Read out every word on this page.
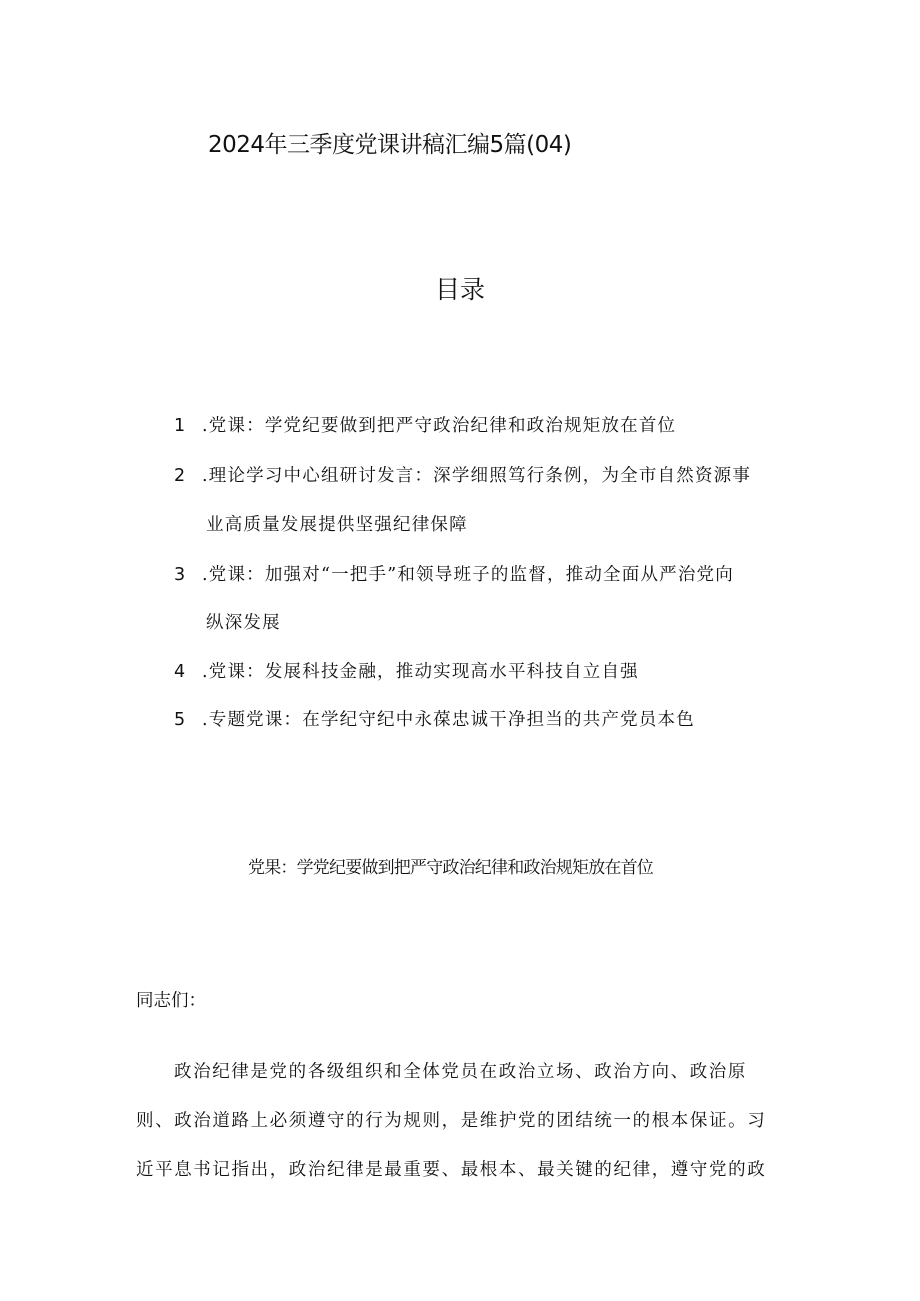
2024年三季度党课讲稿汇编5篇(04)
目录
1 .党课：学党纪要做到把严守政治纪律和政治规矩放在首位
2 .理论学习中心组研讨发言：深学细照笃行条例，为全市自然资源事
业高质量发展提供坚强纪律保障
3 .党课：加强对“一把手”和领导班子的监督，推动全面从严治党向
纵深发展
4 .党课：发展科技金融，推动实现高水平科技自立自强
5 .专题党课：在学纪守纪中永葆忠诚干净担当的共产党员本色
党果：学党纪要做到把严守政治纪律和政治规矩放在首位
同志们：
政治纪律是党的各级组织和全体党员在政治立场、政治方向、政治原
则、政治道路上必须遵守的行为规则，是维护党的团结统一的根本保证。习
近平息书记指出，政治纪律是最重要、最根本、最关键的纪律，遵守党的政
